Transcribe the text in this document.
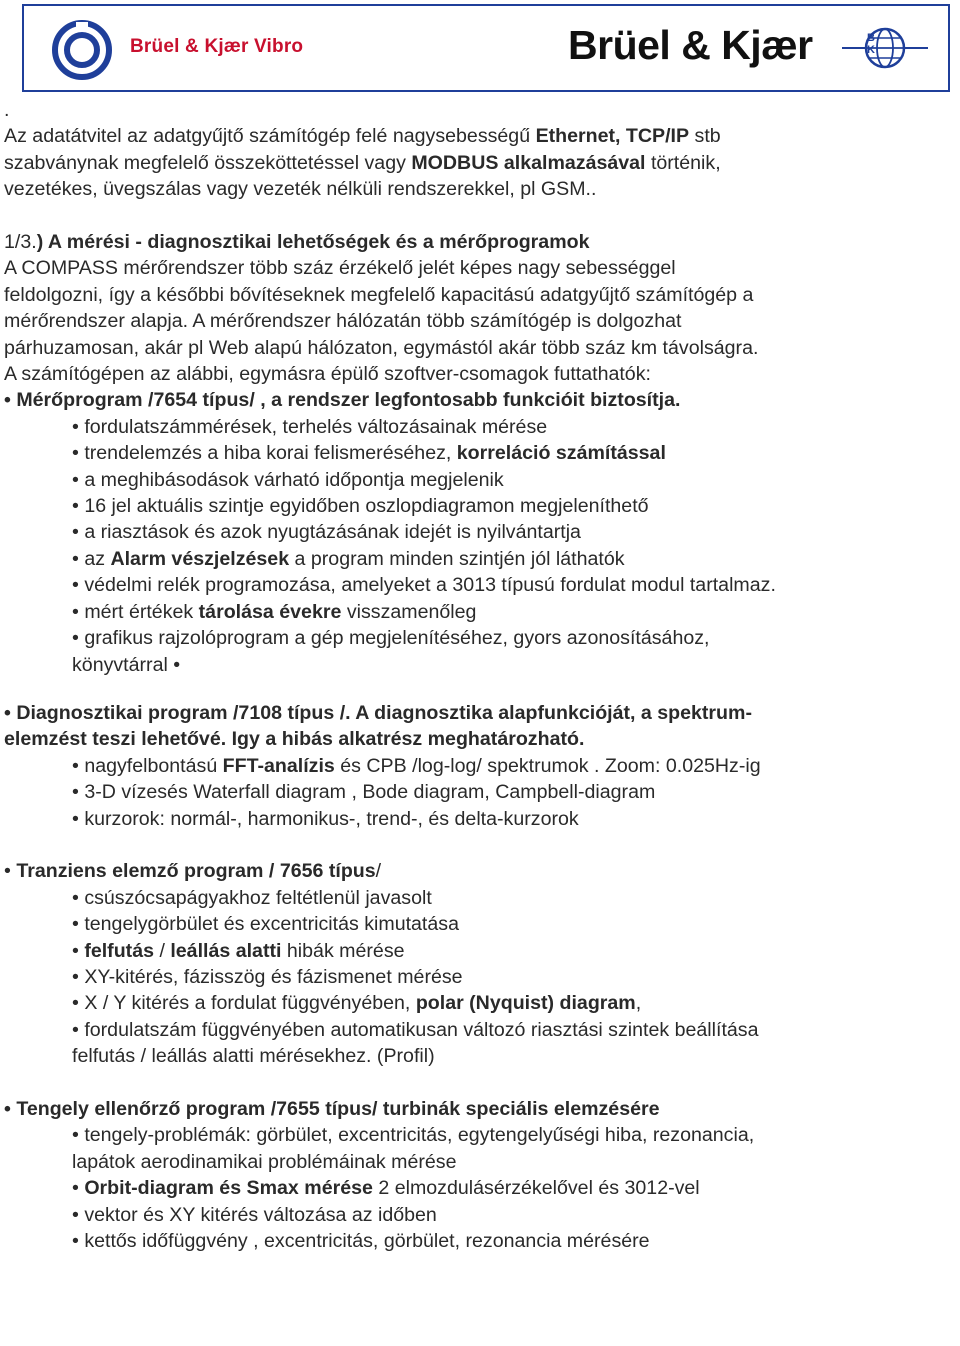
Brüel & Kjær Vibro	Brüel & Kjær	B K
.
Az adatátvitel az adatgyűjtő számítógép felé nagysebességű Ethernet, TCP/IP stb
szabványnak megfelelő összeköttetéssel vagy MODBUS alkalmazásával történik,
vezetékes, üvegszálas vagy vezeték nélküli rendszerekkel, pl GSM..
1/3.) A mérési - diagnosztikai lehetőségek és a mérőprogramok
A COMPASS mérőrendszer több száz érzékelő jelét képes nagy sebességgel
feldolgozni, így a későbbi bővítéseknek megfelelő kapacitású adatgyűjtő számítógép a
mérőrendszer alapja. A mérőrendszer hálózatán több számítógép is dolgozhat
párhuzamosan, akár pl Web alapú hálózaton, egymástól akár több száz km távolságra.
A számítógépen az alábbi, egymásra épülő szoftver-csomagok futtathatók:
• Mérőprogram /7654 típus/ , a rendszer legfontosabb funkcióit biztosítja.
• fordulatszámmérések, terhelés változásainak mérése
• trendelemzés a hiba korai felismeréséhez, korreláció számítással
• a meghibásodások várható időpontja megjelenik
• 16 jel aktuális szintje egyidőben oszlopdiagramon megjeleníthető
• a riasztások és azok nyugtázásának idejét is nyilvántartja
• az Alarm vészjelzések a program minden szintjén jól láthatók
• védelmi relék programozása, amelyeket a 3013 típusú fordulat modul tartalmaz.
• mért értékek tárolása évekre visszamenőleg
• grafikus rajzolóprogram a gép megjelenítéséhez, gyors azonosításához,
könyvtárral •
• Diagnosztikai program /7108 típus /. A diagnosztika alapfunkcióját, a spektrum-
elemzést teszi lehetővé. Igy a hibás alkatrész meghatározható.
• nagyfelbontású FFT-analízis és CPB /log-log/ spektrumok . Zoom: 0.025Hz-ig
• 3-D vízesés Waterfall diagram , Bode diagram, Campbell-diagram
• kurzorok: normál-, harmonikus-, trend-, és delta-kurzorok
• Tranziens elemző program / 7656 típus/
• csúszócsapágyakhoz feltétlenül javasolt
• tengelygörbület és excentricitás kimutatása
• felfutás / leállás alatti hibák mérése
• XY-kitérés, fázisszög és fázismenet mérése
• X / Y kitérés a fordulat függvényében, polar (Nyquist) diagram,
• fordulatszám függvényében automatikusan változó riasztási szintek beállítása
felfutás / leállás alatti mérésekhez. (Profil)
• Tengely ellenőrző program /7655 típus/ turbinák speciális elemzésére
• tengely-problémák: görbület, excentricitás, egytengelyűségi hiba, rezonancia,
lapátok aerodinamikai problémáinak mérése
• Orbit-diagram és Smax mérése 2 elmozdulásérzékelővel és 3012-vel
• vektor és XY kitérés változása az időben
• kettős időfüggvény , excentricitás, görbület, rezonancia mérésére
